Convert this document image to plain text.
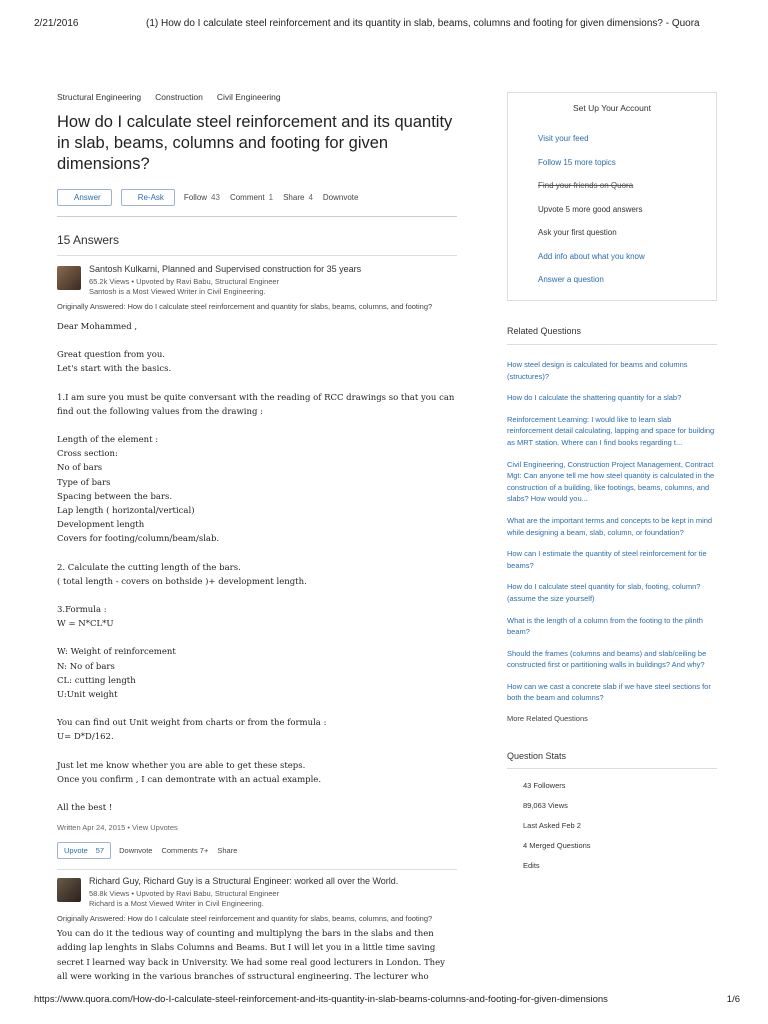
2/21/2016	(1) How do I calculate steel reinforcement and its quantity in slab, beams, columns and footing for given dimensions? - Quora
Structural Engineering Construction Civil Engineering
How do I calculate steel reinforcement and its quantity in slab, beams, columns and footing for given dimensions?
Answer	Re-Ask	Follow 43 Comment 1 Share 4 Downvote
15 Answers
Santosh Kulkarni, Planned and Supervised construction for 35 years
65.2k Views • Upvoted by Ravi Babu, Structural Engineer
Santosh is a Most Viewed Writer in Civil Engineering.
Originally Answered: How do I calculate steel reinforcement and quantity for slabs, beams, columns, and footing?

Dear Mohammed ,

Great question from you.
Let's start with the basics.

1.I am sure you must be quite conversant with the reading of RCC drawings so that you can find out the following values from the drawing :

Length of the element :
Cross section:
No of bars
Type of bars
Spacing between the bars.
Lap length ( horizontal/vertical)
Development length
Covers for footing/column/beam/slab.

2. Calculate the cutting length of the bars.
( total length - covers on bothside )+ development length.

3.Formula :
W = N*CL*U

W: Weight of reinforcement
N: No of bars
CL: cutting length
U:Unit weight

You can find out Unit weight from charts or from the formula :
U= D*D/162.

Just let me know whether you are able to get these steps.
Once you confirm , I can demontrate with an actual example.

All the best !

Written Apr 24, 2015 • View Upvotes
Upvote 57 Downvote Comments 7+ Share
Richard Guy, Richard Guy is a Structural Engineer: worked all over the World.
58.8k Views • Upvoted by Ravi Babu, Structural Engineer
Richard is a Most Viewed Writer in Civil Engineering.
Originally Answered: How do I calculate steel reinforcement and quantity for slabs, beams, columns, and footing?

You can do it the tedious way of counting and multiplyng the bars in the slabs and then adding lap lenghts in Slabs Columns and Beams. But I will let you in a little time saving secret I learned way back in University. We had some real good lecturers in London. They all were working in the various branches of sstructural engineering. The lecturer who

Set Up Your Account
Visit your feed
Follow 15 more topics
Find your friends on Quora
Upvote 5 more good answers
Ask your first question
Add info about what you know
Answer a question
Related Questions
How steel design is calculated for beams and columns (structures)?
How do I calculate the shattering quantity for a slab?
Reinforcement Learning: I would like to learn slab reinforcement detail calculating, lapping and space for building as MRT station. Where can I find books regarding t...
Civil Engineering, Construction Project Management, Contract Mgt: Can anyone tell me how steel quantity is calculated in the construction of a building, like footings, beams, columns, and slabs? How would you...
What are the important terms and concepts to be kept in mind while designing a beam, slab, column, or foundation?
How can I estimate the quantity of steel reinforcement for tie beams?
How do I calculate steel quantity for slab, footing, column? (assume the size yourself)
What is the length of a column from the footing to the plinth beam?
Should the frames (columns and beams) and slab/ceiling be constructed first or partitioning walls in buildings? And why?
How can we cast a concrete slab if we have steel sections for both the beam and columns?
More Related Questions
Question Stats
43 Followers
89,063 Views
Last Asked Feb 2
4 Merged Questions
Edits
https://www.quora.com/How-do-I-calculate-steel-reinforcement-and-its-quantity-in-slab-beams-columns-and-footing-for-given-dimensions	1/6
